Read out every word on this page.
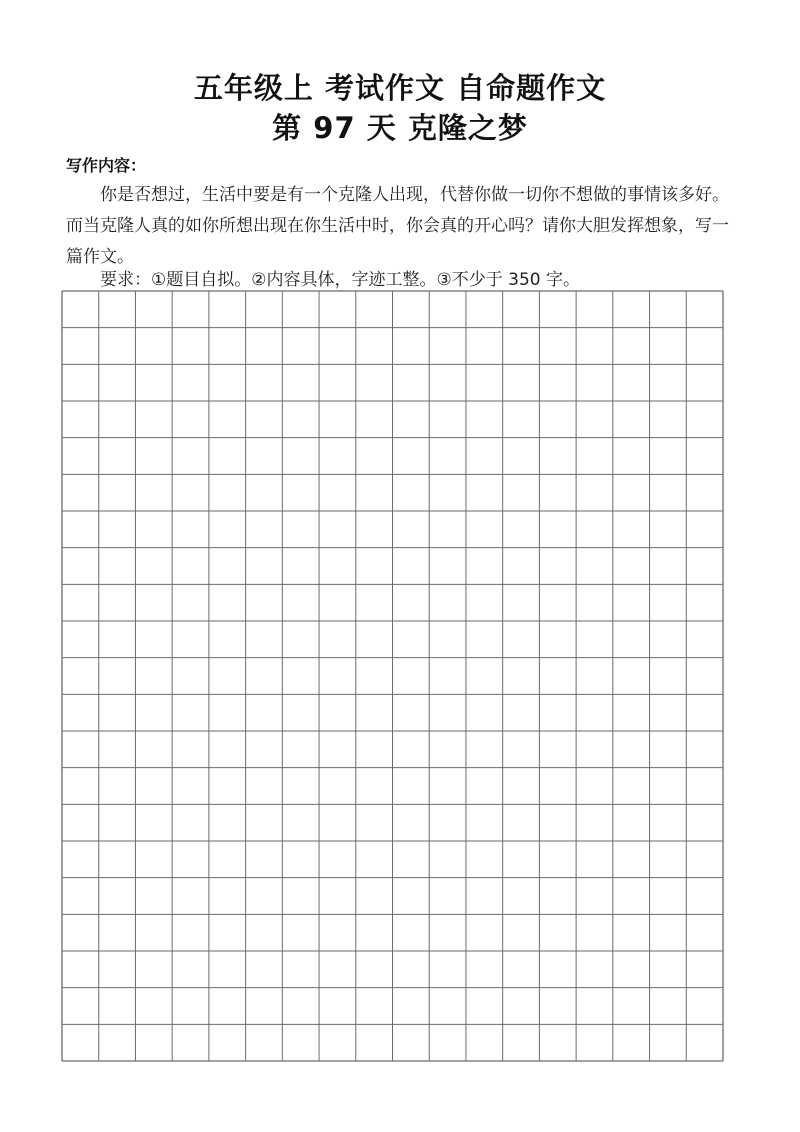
五年级上 考试作文 自命题作文
第 97 天 克隆之梦
写作内容：

你是否想过，生活中要是有一个克隆人出现，代替你做一切你不想做的事情该多好。而当克隆人真的如你所想出现在你生活中时，你会真的开心吗？请你大胆发挥想象，写一篇作文。

要求：①题目自拟。②内容具体，字迹工整。③不少于 350 字。
